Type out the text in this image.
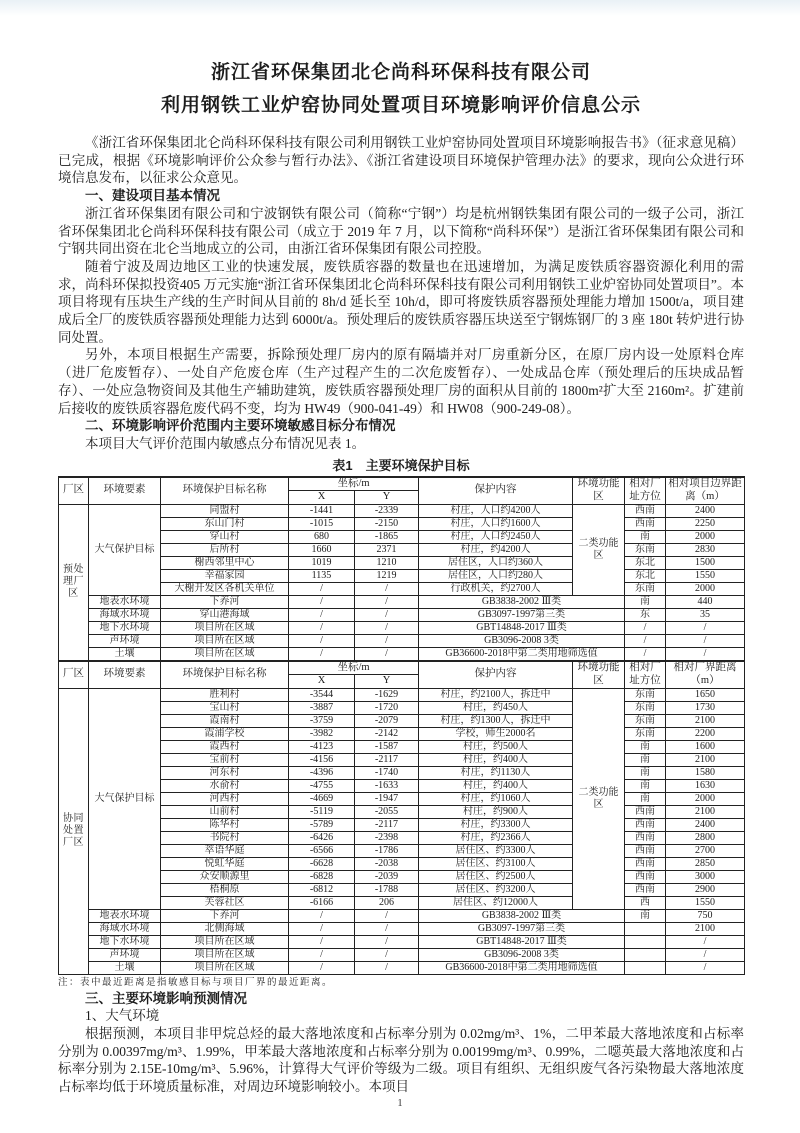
浙江省环保集团北仑尚科环保科技有限公司
利用钢铁工业炉窑协同处置项目环境影响评价信息公示

《浙江省环保集团北仑尚科环保科技有限公司利用钢铁工业炉窑协同处置项目环境影响报告书》（征求意见稿）已完成，根据《环境影响评价公众参与暂行办法》、《浙江省建设项目环境保护管理办法》的要求，现向公众进行环境信息发布，以征求公众意见。

一、建设项目基本情况

浙江省环保集团有限公司和宁波钢铁有限公司（简称“宁钢”）均是杭州钢铁集团有限公司的一级子公司，浙江省环保集团北仑尚科环保科技有限公司（成立于 2019 年 7 月，以下简称“尚科环保”）是浙江省环保集团有限公司和宁钢共同出资在北仑当地成立的公司，由浙江省环保集团有限公司控股。

随着宁波及周边地区工业的快速发展，废铁质容器的数量也在迅速增加，为满足废铁质容器资源化利用的需求，尚科环保拟投资405 万元实施“浙江省环保集团北仑尚科环保科技有限公司利用钢铁工业炉窑协同处置项目”。本项目将现有压块生产线的生产时间从目前的 8h/d 延长至 10h/d，即可将废铁质容器预处理能力增加 1500t/a，项目建成后全厂的废铁质容器预处理能力达到 6000t/a。预处理后的废铁质容器压块送至宁钢炼钢厂的 3 座 180t 转炉进行协同处置。

另外，本项目根据生产需要，拆除预处理厂房内的原有隔墙并对厂房重新分区，在原厂房内设一处原料仓库（进厂危废暂存）、一处自产危废仓库（生产过程产生的二次危废暂存）、一处成品仓库（预处理后的压块成品暂存）、一处应急物资间及其他生产辅助建筑，废铁质容器预处理厂房的面积从目前的 1800m²扩大至 2160m²。扩建前后接收的废铁质容器危废代码不变，均为 HW49（900-041-49）和 HW08（900-249-08）。

二、环境影响评价范围内主要环境敏感目标分布情况

本项目大气评价范围内敏感点分布情况见表 1。

表1　主要环境保护目标
厂区	环境要素	环境保护目标名称	坐标/m		保护内容	环境功能区	相对厂址方位	相对项目边界距离（m）
			X	Y				
预处理厂区	大气保护目标	同盟村	-1441	-2339	村庄，人口约4200人	二类功能区	西南	2400
		东山门村	-1015	-2150	村庄，人口约1600人		西南	2250
		穿山村	680	-1865	村庄，人口约2450人		南	2000
		后所村	1660	2371	村庄，约4200人		东南	2830
		榭西邻里中心	1019	1210	居住区，人口约360人		东北	1500
		幸福家园	1135	1219	居住区，人口约280人		东北	1550
		大榭开发区各机关单位	/	/	行政机关，约2700人		东南	2000
	地表水环境	下养河	/	/	GB3838-2002 Ⅲ类		南	440
	海域水环境	穿山港海域	/	/	GB3097-1997第三类		东	35
	地下水环境	项目所在区域	/	/	GBT14848-2017 Ⅲ类		/	/
	声环境	项目所在区域	/	/	GB3096-2008 3类		/	/
	土壤	项目所在区域	/	/	GB36600-2018中第二类用地筛选值		/	/
厂区	环境要素	环境保护目标名称	坐标/m		保护内容	环境功能区	相对厂址方位	相对厂界距离（m）
			X	Y				
协同处置厂区	大气保护目标	胜利村	-3544	-1629	村庄，约2100人，拆迁中	二类功能区	东南	1650
		宝山村	-3887	-1720	村庄，约450人		东南	1730
		霞南村	-3759	-2079	村庄，约1300人，拆迁中		东南	2100
		霞浦学校	-3982	-2142	学校，师生2000名		东南	2200
		霞西村	-4123	-1587	村庄，约500人		南	1600
		宝前村	-4156	-2117	村庄，约400人		南	2100
		河东村	-4396	-1740	村庄，约1130人		南	1580
		水俞村	-4755	-1633	村庄，约400人		南	1630
		河西村	-4669	-1947	村庄，约1060人		南	2000
		山前村	-5119	-2055	村庄，约900人		西南	2100
		陈华村	-5789	-2117	村庄，约3300人		西南	2400
		书院村	-6426	-2398	村庄，约2366人		西南	2800
		萃语华庭	-6566	-1786	居住区、约3300人		西南	2700
		悦虹华庭	-6628	-2038	居住区、约3100人		西南	2850
		众安顺源里	-6828	-2039	居住区、约2500人		西南	3000
		梧桐原	-6812	-1788	居住区、约3200人		西南	2900
		芙蓉社区	-6166	206	居住区、约12000人		西	1550
	地表水环境	下养河	/	/	GB3838-2002 Ⅲ类		南	750
	海域水环境	北侧海域	/	/	GB3097-1997第三类			2100
	地下水环境	项目所在区域	/	/	GBT14848-2017 Ⅲ类			/
	声环境	项目所在区域	/	/	GB3096-2008 3类			/
	土壤	项目所在区域	/	/	GB36600-2018中第二类用地筛选值			/
注：表中最近距离是指敏感目标与项目厂界的最近距离。

三、主要环境影响预测情况

1、大气环境

根据预测，本项目非甲烷总烃的最大落地浓度和占标率分别为 0.02mg/m³、1%，二甲苯最大落地浓度和占标率分别为 0.00397mg/m³、1.99%，甲苯最大落地浓度和占标率分别为 0.00199mg/m³、0.99%，二噁英最大落地浓度和占标率分别为 2.15E-10mg/m³、5.96%，计算得大气评价等级为二级。项目有组织、无组织废气各污染物最大落地浓度占标率均低于环境质量标准，对周边环境影响较小。本项目

1
